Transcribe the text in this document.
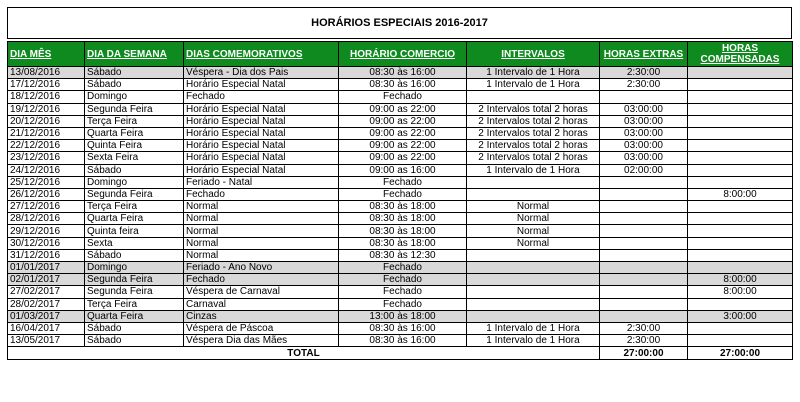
HORÁRIOS ESPECIAIS 2016-2017
DIA MÊS	DIA DA SEMANA	DIAS COMEMORATIVOS	HORÁRIO COMERCIO	INTERVALOS	HORAS EXTRAS	HORAS COMPENSADAS
13/08/2016	Sábado	Véspera - Dia dos Pais	08:30 às 16:00	1 Intervalo de 1 Hora	2:30:00	
17/12/2016	Sábado	Horário Especial Natal	08:30 às 16:00	1 Intervalo de 1 Hora	2:30:00	
18/12/2016	Domingo	Fechado	Fechado			
19/12/2016	Segunda Feira	Horário Especial Natal	09:00 as 22:00	2 Intervalos total 2 horas	03:00:00	
20/12/2016	Terça Feira	Horário Especial Natal	09:00 as 22:00	2 Intervalos total 2 horas	03:00:00	
21/12/2016	Quarta Feira	Horário Especial Natal	09:00 as 22:00	2 Intervalos total 2 horas	03:00:00	
22/12/2016	Quinta Feira	Horário Especial Natal	09:00 as 22:00	2 Intervalos total 2 horas	03:00:00	
23/12/2016	Sexta Feira	Horário Especial Natal	09:00 as 22:00	2 Intervalos total 2 horas	03:00:00	
24/12/2016	Sábado	Horário Especial Natal	09:00 as 16:00	1 Intervalo de 1 Hora	02:00:00	
25/12/2016	Domingo	Feriado - Natal	Fechado			
26/12/2016	Segunda Feira	Fechado	Fechado			8:00:00
27/12/2016	Terça Feira	Normal	08:30 às 18:00	Normal		
28/12/2016	Quarta Feira	Normal	08:30 às 18:00	Normal		
29/12/2016	Quinta feira	Normal	08:30 às 18:00	Normal		
30/12/2016	Sexta	Normal	08:30 às 18:00	Normal		
31/12/2016	Sábado	Normal	08:30 às 12:30			
01/01/2017	Domingo	Feriado - Ano Novo	Fechado			
02/01/2017	Segunda Feira	Fechado	Fechado			8:00:00
27/02/2017	Segunda Feira	Véspera de Carnaval	Fechado			8:00:00
28/02/2017	Terça Feira	Carnaval	Fechado			
01/03/2017	Quarta Feira	Cinzas	13:00 às 18:00			3:00:00
16/04/2017	Sábado	Véspera de Páscoa	08:30 às 16:00	1 Intervalo de 1 Hora	2:30:00	
13/05/2017	Sábado	Véspera Dia das Mães	08:30 às 16:00	1 Intervalo de 1 Hora	2:30:00	
TOTAL					27:00:00	27:00:00
